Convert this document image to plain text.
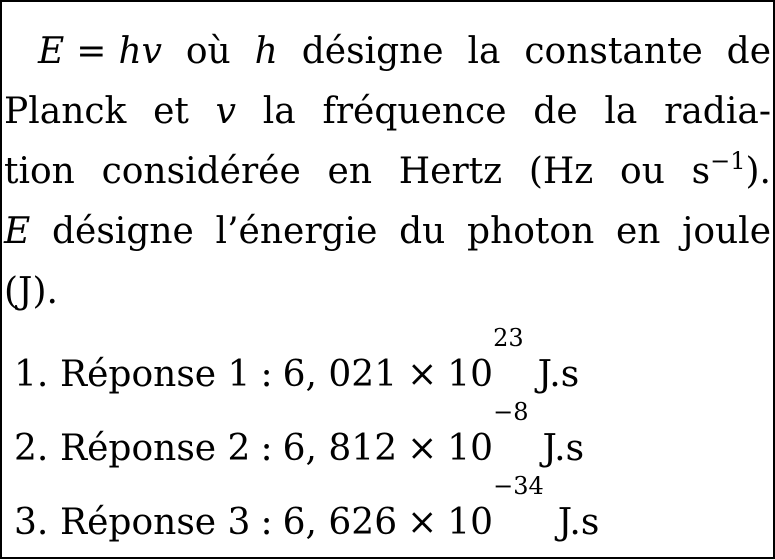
E = hv où h désigne la constante de
Planck et v la fréquence de la radia-
tion considérée en Hertz (Hz ou $s^{-1}$).
E désigne l’énergie du photon en joule
(J).
1. Réponse 1 : 6, 021 × 10
23
J.s
2. Réponse 2 : 6, 812 × 10
−8
J.s
3. Réponse 3 : 6, 626 × 10
−34
J.s
